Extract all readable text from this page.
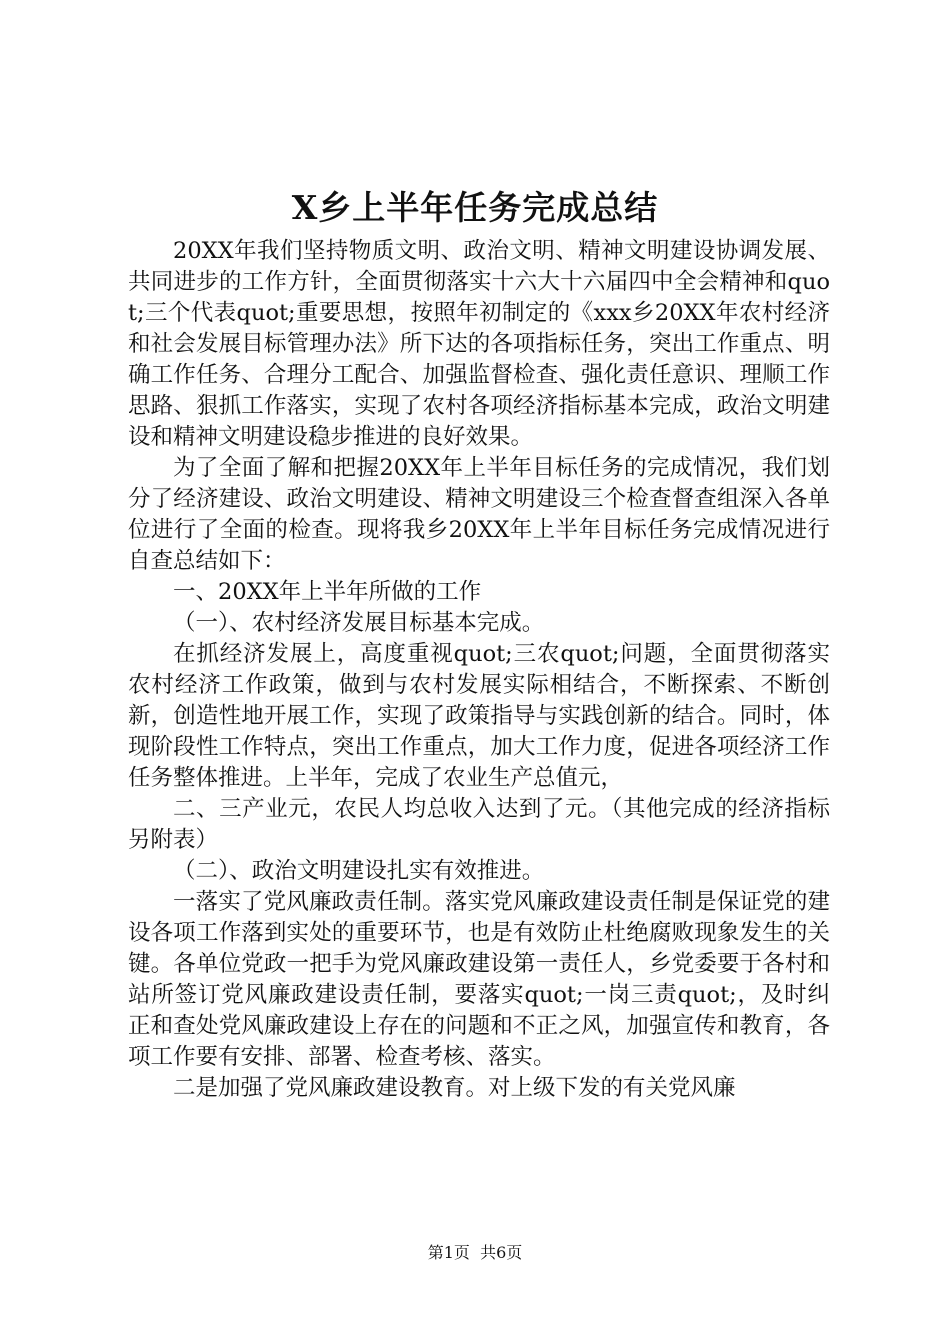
X乡上半年任务完成总结

20XX年我们坚持物质文明、政治文明、精神文明建设协调发展、共同进步的工作方针，全面贯彻落实十六大十六届四中全会精神和quot;三个代表quot;重要思想，按照年初制定的《xxx乡20XX年农村经济和社会发展目标管理办法》所下达的各项指标任务，突出工作重点、明确工作任务、合理分工配合、加强监督检查、强化责任意识、理顺工作思路、狠抓工作落实，实现了农村各项经济指标基本完成，政治文明建设和精神文明建设稳步推进的良好效果。

为了全面了解和把握20XX年上半年目标任务的完成情况，我们划分了经济建设、政治文明建设、精神文明建设三个检查督查组深入各单位进行了全面的检查。现将我乡20XX年上半年目标任务完成情况进行自查总结如下：

一、20XX年上半年所做的工作

（一）、农村经济发展目标基本完成。

在抓经济发展上，高度重视quot;三农quot;问题，全面贯彻落实农村经济工作政策，做到与农村发展实际相结合，不断探索、不断创新，创造性地开展工作，实现了政策指导与实践创新的结合。同时，体现阶段性工作特点，突出工作重点，加大工作力度，促进各项经济工作任务整体推进。上半年，完成了农业生产总值元，

二、三产业元，农民人均总收入达到了元。（其他完成的经济指标另附表）

（二）、政治文明建设扎实有效推进。

一落实了党风廉政责任制。落实党风廉政建设责任制是保证党的建设各项工作落到实处的重要环节，也是有效防止杜绝腐败现象发生的关键。各单位党政一把手为党风廉政建设第一责任人，乡党委要于各村和站所签订党风廉政建设责任制，要落实quot;一岗三责quot;，及时纠正和查处党风廉政建设上存在的问题和不正之风，加强宣传和教育，各项工作要有安排、部署、检查考核、落实。

二是加强了党风廉政建设教育。对上级下发的有关党风廉

第1页 共6页
